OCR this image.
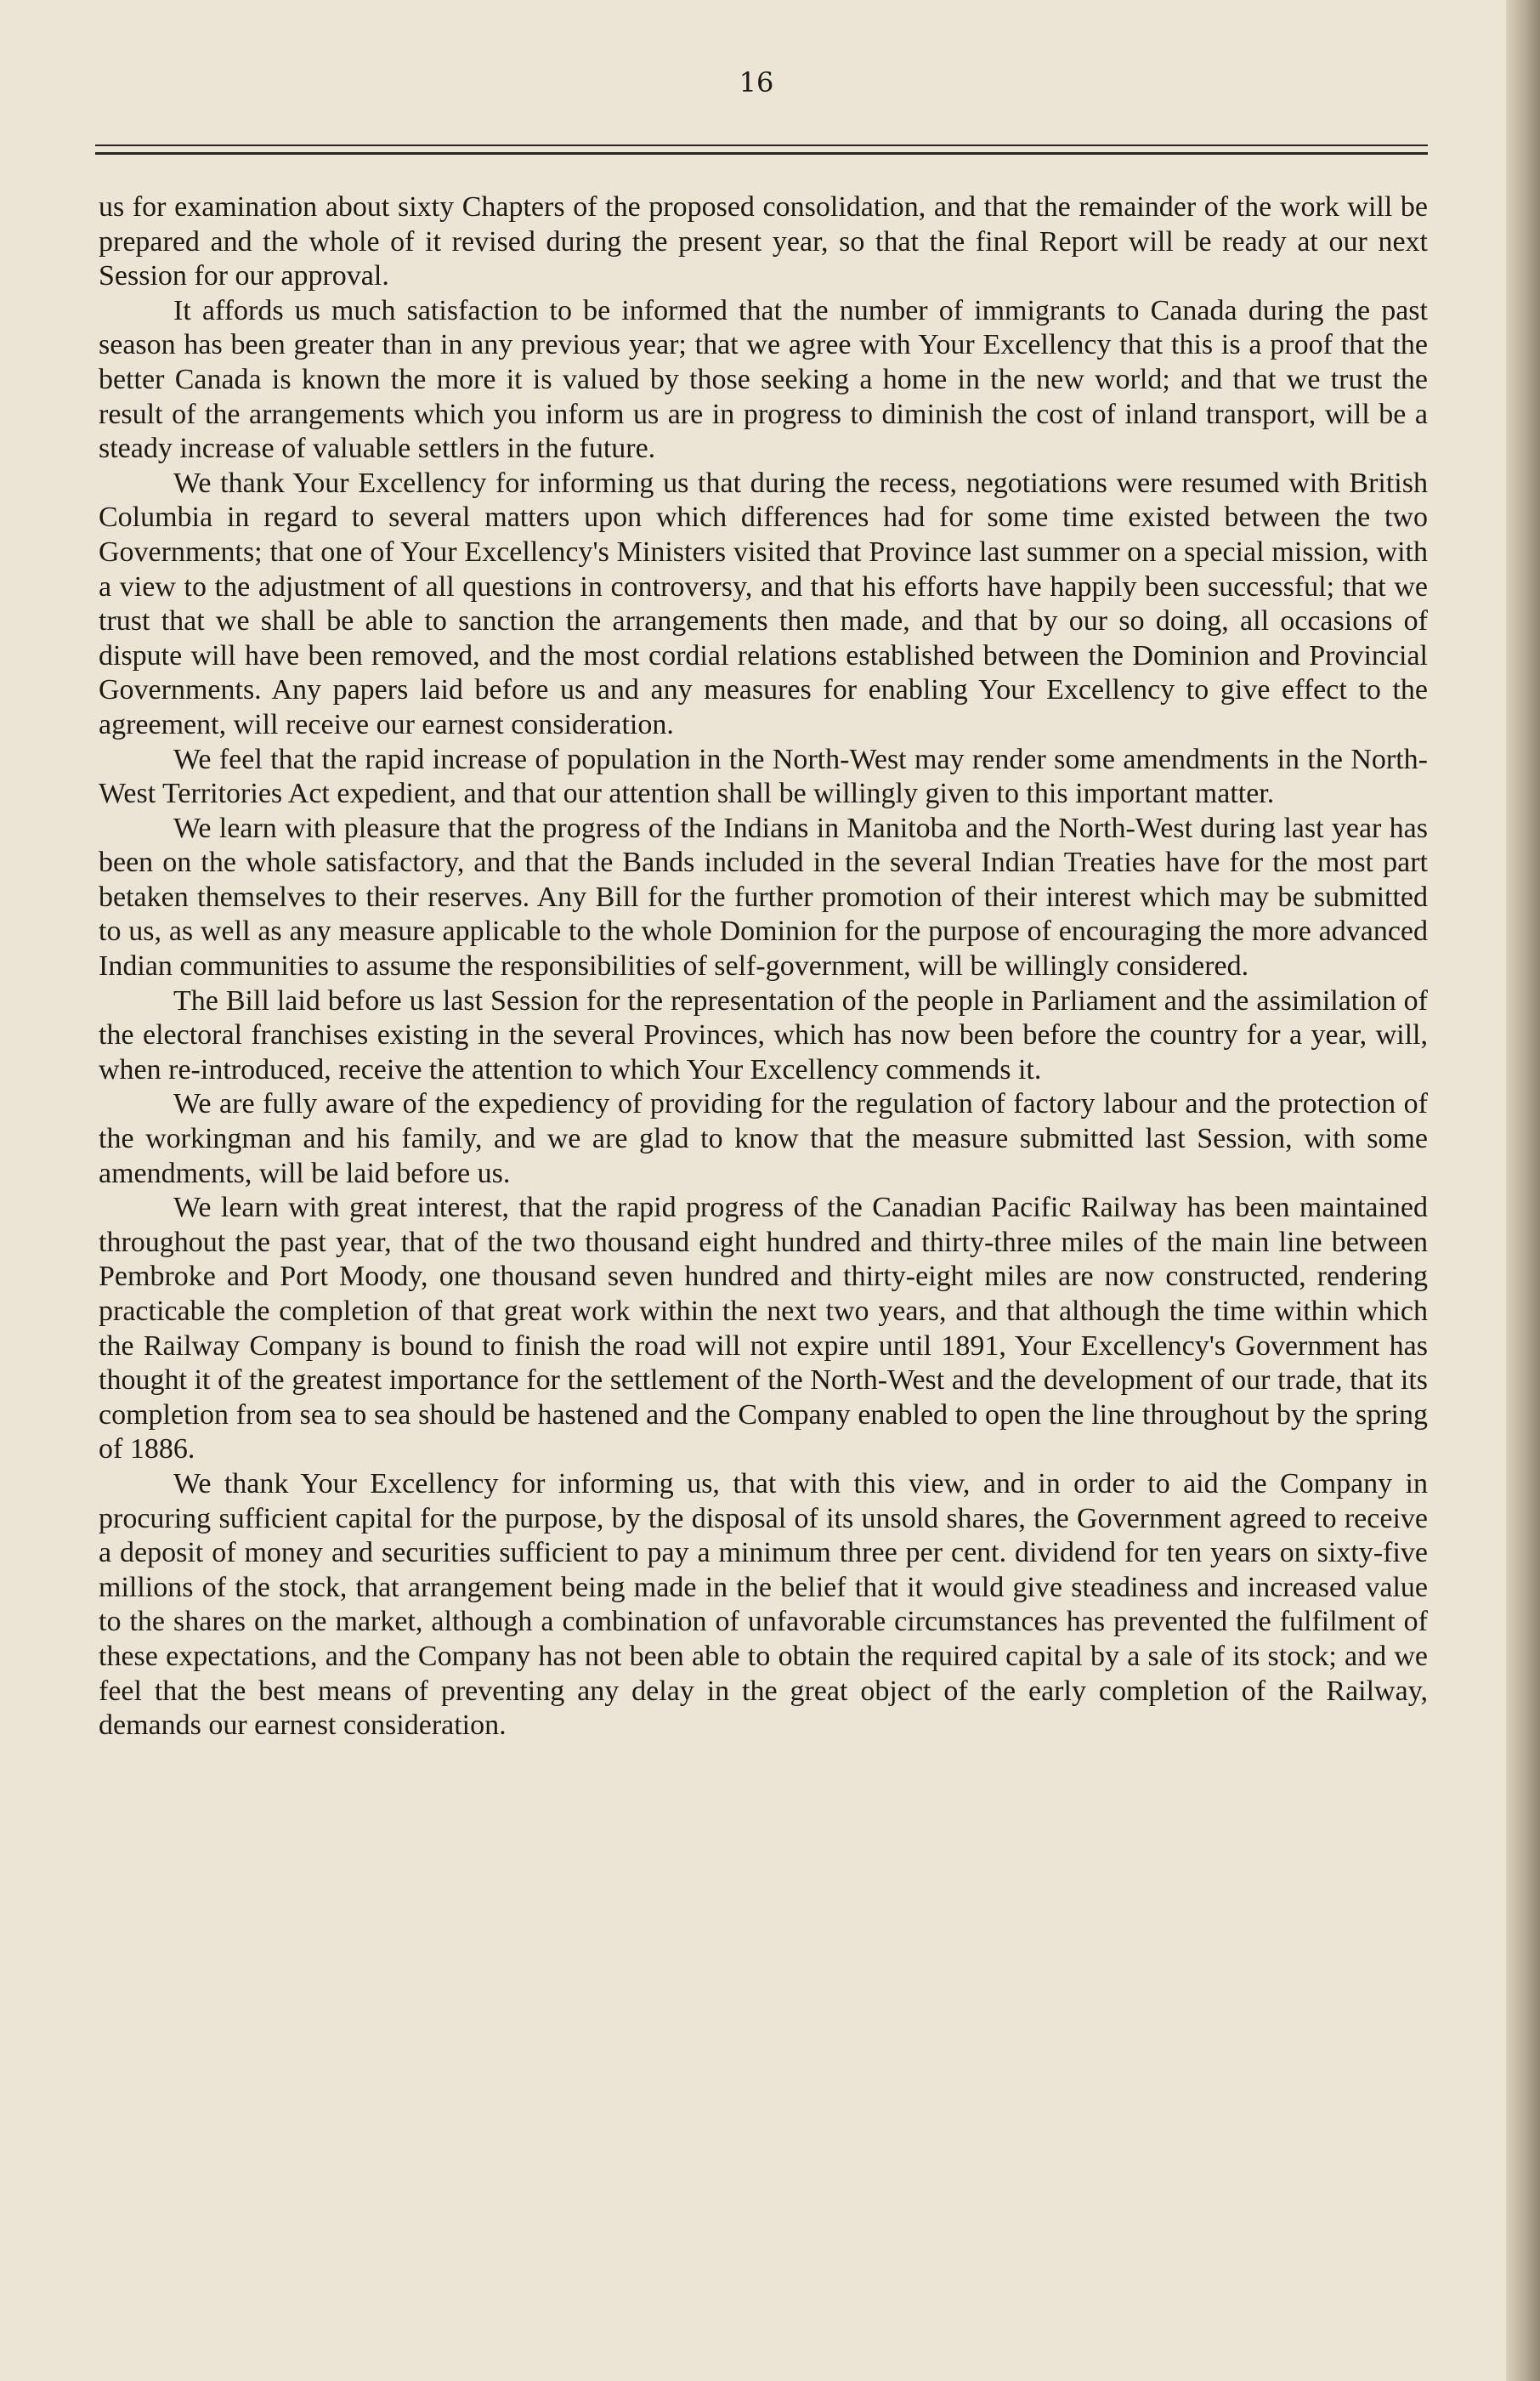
16

us for examination about sixty Chapters of the proposed consolidation, and that the remainder of the work will be prepared and the whole of it revised during the present year, so that the final Report will be ready at our next Session for our approval.

It affords us much satisfaction to be informed that the number of immigrants to Canada during the past season has been greater than in any previous year; that we agree with Your Excellency that this is a proof that the better Canada is known the more it is valued by those seeking a home in the new world; and that we trust the result of the arrangements which you inform us are in progress to diminish the cost of inland transport, will be a steady increase of valuable settlers in the future.

We thank Your Excellency for informing us that during the recess, negotiations were resumed with British Columbia in regard to several matters upon which differences had for some time existed between the two Governments; that one of Your Excellency's Ministers visited that Province last summer on a special mission, with a view to the adjustment of all questions in controversy, and that his efforts have happily been successful; that we trust that we shall be able to sanction the arrangements then made, and that by our so doing, all occasions of dispute will have been removed, and the most cordial relations established between the Dominion and Provincial Governments. Any papers laid before us and any measures for enabling Your Excellency to give effect to the agreement, will receive our earnest consideration.

We feel that the rapid increase of population in the North-West may render some amendments in the North-West Territories Act expedient, and that our attention shall be willingly given to this important matter.

We learn with pleasure that the progress of the Indians in Manitoba and the North-West during last year has been on the whole satisfactory, and that the Bands included in the several Indian Treaties have for the most part betaken themselves to their reserves. Any Bill for the further promotion of their interest which may be submitted to us, as well as any measure applicable to the whole Dominion for the purpose of encouraging the more advanced Indian communities to assume the responsibilities of self-government, will be willingly considered.

The Bill laid before us last Session for the representation of the people in Parliament and the assimilation of the electoral franchises existing in the several Provinces, which has now been before the country for a year, will, when re-introduced, receive the attention to which Your Excellency commends it.

We are fully aware of the expediency of providing for the regulation of factory labour and the protection of the workingman and his family, and we are glad to know that the measure submitted last Session, with some amendments, will be laid before us.

We learn with great interest, that the rapid progress of the Canadian Pacific Railway has been maintained throughout the past year, that of the two thousand eight hundred and thirty-three miles of the main line between Pembroke and Port Moody, one thousand seven hundred and thirty-eight miles are now constructed, rendering practicable the completion of that great work within the next two years, and that although the time within which the Railway Company is bound to finish the road will not expire until 1891, Your Excellency's Government has thought it of the greatest importance for the settlement of the North-West and the development of our trade, that its completion from sea to sea should be hastened and the Company enabled to open the line throughout by the spring of 1886.

We thank Your Excellency for informing us, that with this view, and in order to aid the Company in procuring sufficient capital for the purpose, by the disposal of its unsold shares, the Government agreed to receive a deposit of money and securities sufficient to pay a minimum three per cent. dividend for ten years on sixty-five millions of the stock, that arrangement being made in the belief that it would give steadiness and increased value to the shares on the market, although a combination of unfavorable circumstances has prevented the fulfilment of these expectations, and the Company has not been able to obtain the required capital by a sale of its stock; and we feel that the best means of preventing any delay in the great object of the early completion of the Railway, demands our earnest consideration.
